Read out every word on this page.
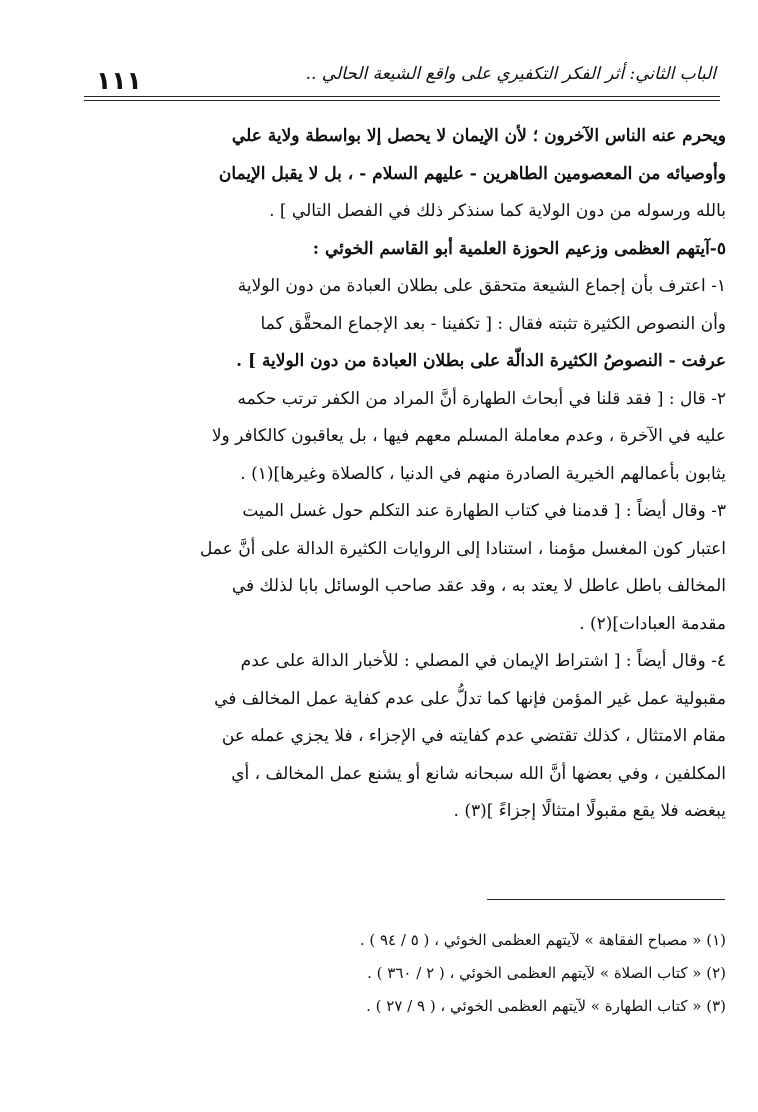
١١١	الباب الثاني: أثر الفكر التكفيري على واقع الشيعة الحالي ..
ويحرم عنه الناس الآخرون ؛ لأن الإيمان لا يحصل إلا بواسطة ولاية علي
وأوصيائه من المعصومين الطاهرين - عليهم السلام - ، بل لا يقبل الإيمان
بالله ورسوله من دون الولاية كما سنذكر ذلك في الفصل التالي ] .
٥-آيتهم العظمى وزعيم الحوزة العلمية أبو القاسم الخوئي :
١- اعترف بأن إجماع الشيعة متحقق على بطلان العبادة من دون الولاية
وأن النصوص الكثيرة تثبته فقال : [ تكفينا - بعد الإجماع المحقَّق كما
عرفت - النصوصُ الكثيرة الدالّة على بطلان العبادة من دون الولاية ] .
٢- قال : [ فقد قلنا في أبحاث الطهارة أنَّ المراد من الكفر ترتب حكمه
عليه في الآخرة ، وعدم معاملة المسلم معهم فيها ، بل يعاقبون كالكافر ولا
يثابون بأعمالهم الخيرية الصادرة منهم في الدنيا ، كالصلاة وغيرها](١) .
٣- وقال أيضاً : [ قدمنا في كتاب الطهارة عند التكلم حول غسل الميت
اعتبار كون المغسل مؤمنا ، استنادا إلى الروايات الكثيرة الدالة على أنَّ عمل
المخالف باطل عاطل لا يعتد به ، وقد عقد صاحب الوسائل بابا لذلك في
مقدمة العبادات](٢) .
٤- وقال أيضاً : [ اشتراط الإيمان في المصلي : للأخبار الدالة على عدم
مقبولية عمل غير المؤمن فإنها كما تدلُّ على عدم كفاية عمل المخالف في
مقام الامتثال ، كذلك تقتضي عدم كفايته في الإجزاء ، فلا يجزي عمله عن
المكلفين ، وفي بعضها أنَّ الله سبحانه شانع أو يشنع عمل المخالف ، أي
يبغضه فلا يقع مقبولًا امتثالًا إجزاءً ](٣) .
(١) « مصباح الفقاهة » لآيتهم العظمى الخوئي ، ( ٥ / ٩٤ ) .
(٢) « كتاب الصلاة » لآيتهم العظمى الخوئي ، ( ٢ / ٣٦٠ ) .
(٣) « كتاب الطهارة » لآيتهم العظمى الخوئي ، ( ٩ / ٢٧ ) .
